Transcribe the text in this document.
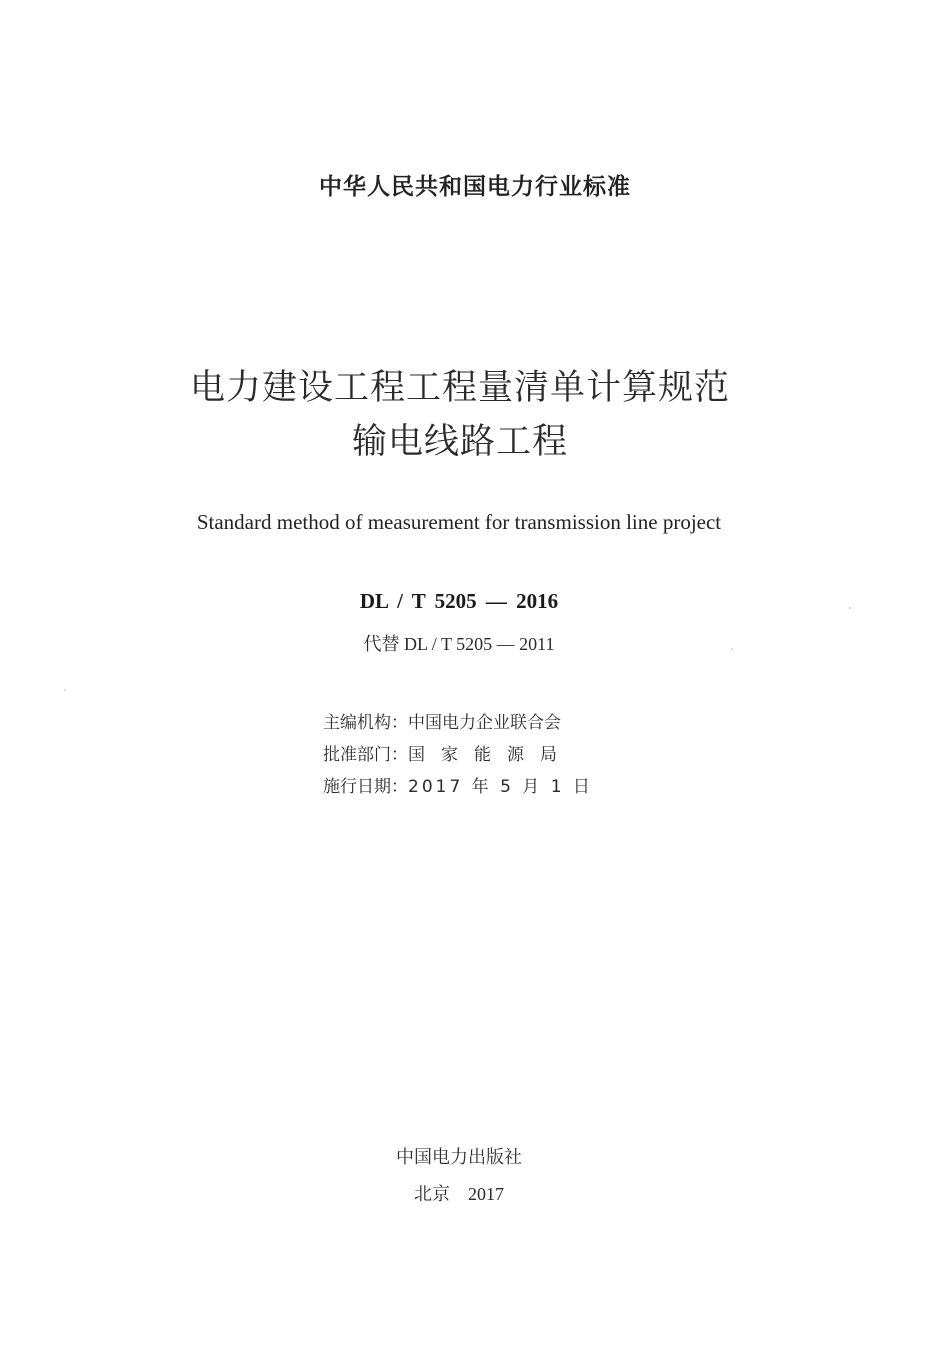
中华人民共和国电力行业标准
电力建设工程工程量清单计算规范
输电线路工程
Standard method of measurement for transmission line project
DL / T 5205 — 2016
代替 DL / T 5205 — 2011
主编机构：中国电力企业联合会
批准部门：国家能源局
施行日期：2017 年 5 月 1 日
中国电力出版社
北京 2017
